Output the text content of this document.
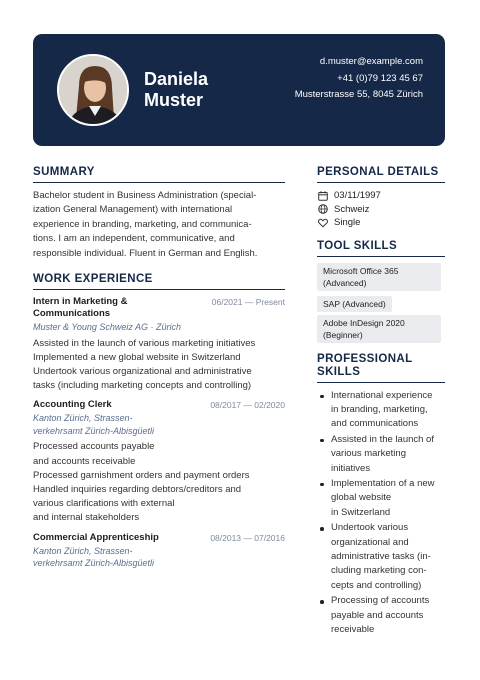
Daniela
Muster
d.muster@example.com
+41 (0)79 123 45 67
Musterstrasse 55, 8045 Zürich
SUMMARY
Bachelor student in Business Administration (special-
ization General Management) with international
experience in branding, marketing, and communica-
tions. I am an independent, communicative, and
responsible individual. Fluent in German and English.
WORK EXPERIENCE
Intern in Marketing & Communications
06/2021 — Present
Muster & Young Schweiz AG · Zürich
Assisted in the launch of various marketing initiatives
Implemented a new global website in Switzerland
Undertook various organizational and administrative
tasks (including marketing concepts and controlling)
Accounting Clerk	08/2017 — 02/2020
Kanton Zürich, Strassen-
verkehrsamt Zürich-Albisgüetli
Processed accounts payable
and accounts receivable
Processed garnishment orders and payment orders
Handled inquiries regarding debtors/creditors and
various clarifications with external
and internal stakeholders
Commercial Apprenticeship	08/2013 — 07/2016
Kanton Zürich, Strassen-
verkehrsamt Zürich-Albisgüetli
PERSONAL DETAILS
03/11/1997
Schweiz
Single
TOOL SKILLS
Microsoft Office 365
(Advanced)
SAP (Advanced)
Adobe InDesign 2020
(Beginner)
PROFESSIONAL
SKILLS
International experience
in branding, marketing,
and communications
Assisted in the launch of
various marketing
initiatives
Implementation of a new
global website
in Switzerland
Undertook various
organizational and
administrative tasks (in-
cluding marketing con-
cepts and controlling)
Processing of accounts
payable and accounts
receivable
